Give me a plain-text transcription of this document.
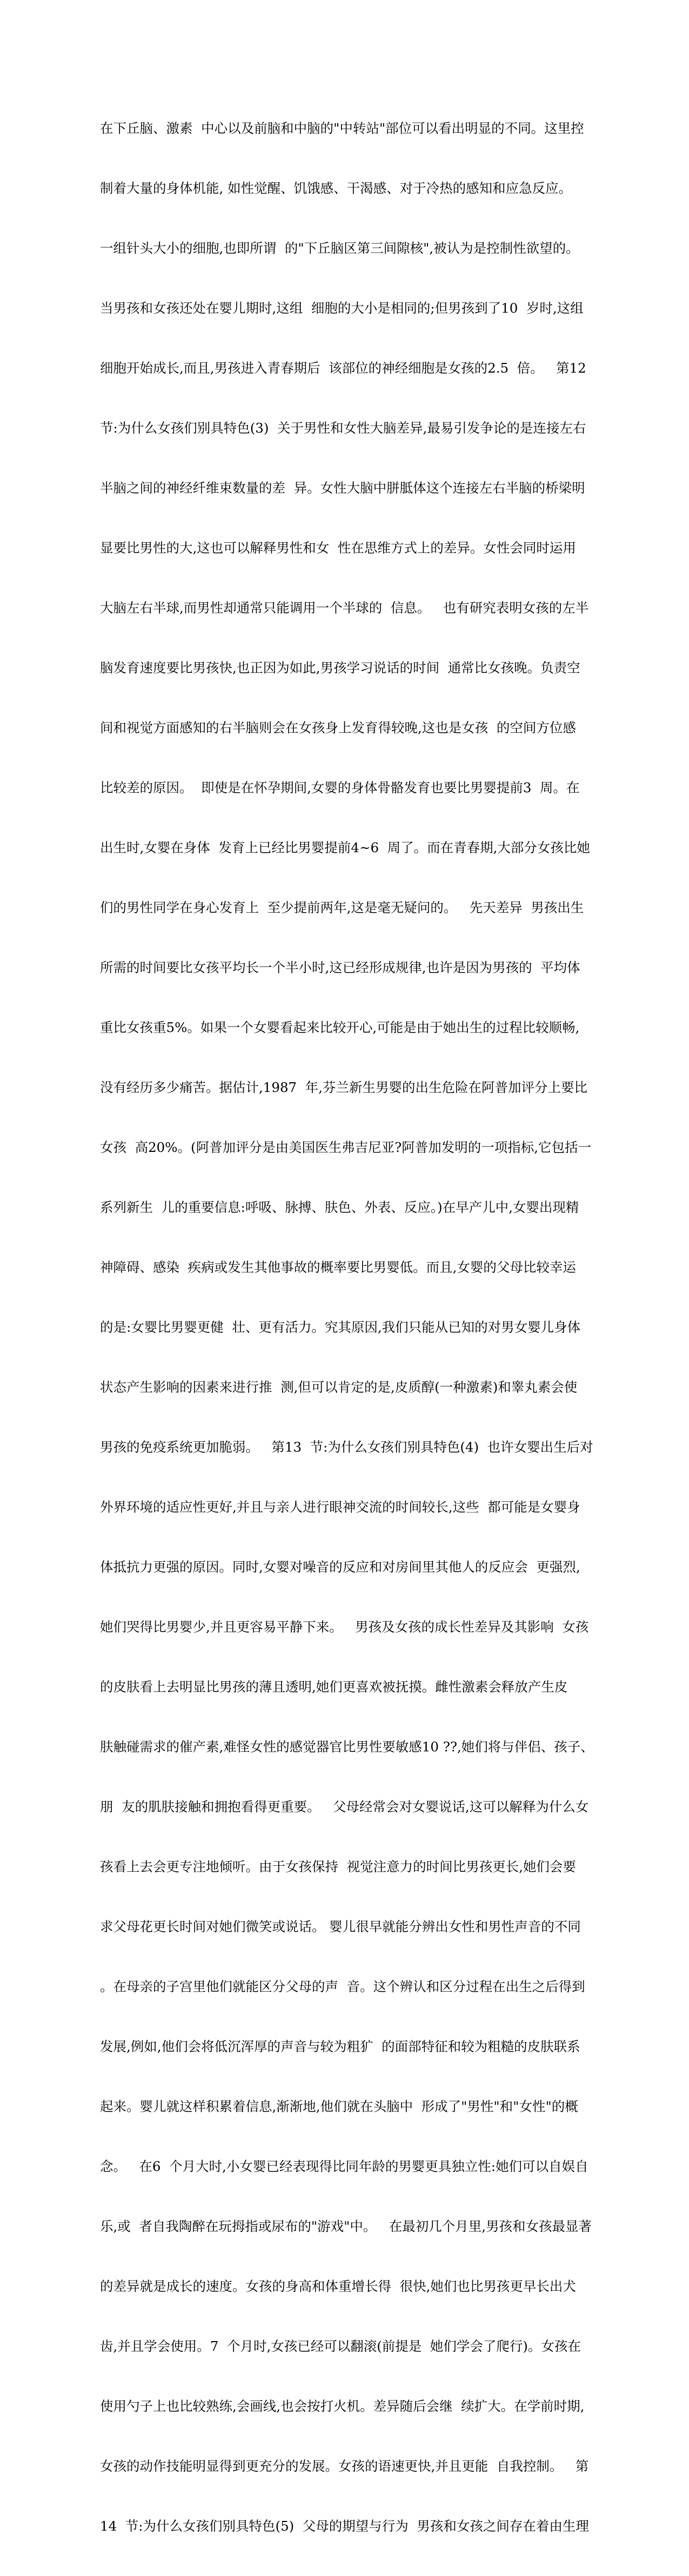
在下丘脑、激素  中心以及前脑和中脑的"中转站"部位可以看出明显的不同。这里控

制着大量的身体机能, 如性觉醒、饥饿感、干渴感、对于冷热的感知和应急反应。

一组针头大小的细胞,也即所谓  的"下丘脑区第三间隙核",被认为是控制性欲望的。

当男孩和女孩还处在婴儿期时,这组  细胞的大小是相同的;但男孩到了10  岁时,这组

细胞开始成长,而且,男孩进入青春期后  该部位的神经细胞是女孩的2.5  倍。   第12

节:为什么女孩们别具特色(3)  关于男性和女性大脑差异,最易引发争论的是连接左右

半脑之间的神经纤维束数量的差  异。女性大脑中胼胝体这个连接左右半脑的桥梁明

显要比男性的大,这也可以解释男性和女  性在思维方式上的差异。女性会同时运用

大脑左右半球,而男性却通常只能调用一个半球的  信息。   也有研究表明女孩的左半

脑发育速度要比男孩快,也正因为如此,男孩学习说话的时间  通常比女孩晚。负责空

间和视觉方面感知的右半脑则会在女孩身上发育得较晚,这也是女孩  的空间方位感

比较差的原因。  即使是在怀孕期间,女婴的身体骨骼发育也要比男婴提前3  周。在

出生时,女婴在身体  发育上已经比男婴提前4~6  周了。而在青春期,大部分女孩比她

们的男性同学在身心发育上  至少提前两年,这是毫无疑问的。   先天差异  男孩出生

所需的时间要比女孩平均长一个半小时,这已经形成规律,也许是因为男孩的  平均体

重比女孩重5%。如果一个女婴看起来比较开心,可能是由于她出生的过程比较顺畅,

没有经历多少痛苦。据估计,1987  年,芬兰新生男婴的出生危险在阿普加评分上要比

女孩  高20%。(阿普加评分是由美国医生弗吉尼亚?阿普加发明的一项指标,它包括一

系列新生  儿的重要信息:呼吸、脉搏、肤色、外表、反应。)在早产儿中,女婴出现精

神障碍、感染  疾病或发生其他事故的概率要比男婴低。而且,女婴的父母比较幸运

的是:女婴比男婴更健  壮、更有活力。究其原因,我们只能从已知的对男女婴儿身体

状态产生影响的因素来进行推  测,但可以肯定的是,皮质醇(一种激素)和睾丸素会使

男孩的免疫系统更加脆弱。   第13  节:为什么女孩们别具特色(4)  也许女婴出生后对

外界环境的适应性更好,并且与亲人进行眼神交流的时间较长,这些  都可能是女婴身

体抵抗力更强的原因。同时,女婴对噪音的反应和对房间里其他人的反应会  更强烈,

她们哭得比男婴少,并且更容易平静下来。   男孩及女孩的成长性差异及其影响  女孩

的皮肤看上去明显比男孩的薄且透明,她们更喜欢被抚摸。雌性激素会释放产生皮

肤触碰需求的催产素,难怪女性的感觉器官比男性要敏感10 ??,她们将与伴侣、孩子、

朋  友的肌肤接触和拥抱看得更重要。   父母经常会对女婴说话,这可以解释为什么女

孩看上去会更专注地倾听。由于女孩保持  视觉注意力的时间比男孩更长,她们会要

求父母花更长时间对她们微笑或说话。 婴儿很早就能分辨出女性和男性声音的不同

。在母亲的子宫里他们就能区分父母的声  音。这个辨认和区分过程在出生之后得到

发展,例如,他们会将低沉浑厚的声音与较为粗犷  的面部特征和较为粗糙的皮肤联系

起来。婴儿就这样积累着信息,渐渐地,他们就在头脑中  形成了"男性"和"女性"的概

念。   在6  个月大时,小女婴已经表现得比同年龄的男婴更具独立性:她们可以自娱自

乐,或  者自我陶醉在玩拇指或尿布的"游戏"中。   在最初几个月里,男孩和女孩最显著

的差异就是成长的速度。女孩的身高和体重增长得  很快,她们也比男孩更早长出犬

齿,并且学会使用。7  个月时,女孩已经可以翻滚(前提是  她们学会了爬行)。女孩在

使用勺子上也比较熟练,会画线,也会按打火机。差异随后会继  续扩大。在学前时期,

女孩的动作技能明显得到更充分的发展。女孩的语速更快,并且更能  自我控制。   第

14  节:为什么女孩们别具特色(5)  父母的期望与行为  男孩和女孩之间存在着由生理
